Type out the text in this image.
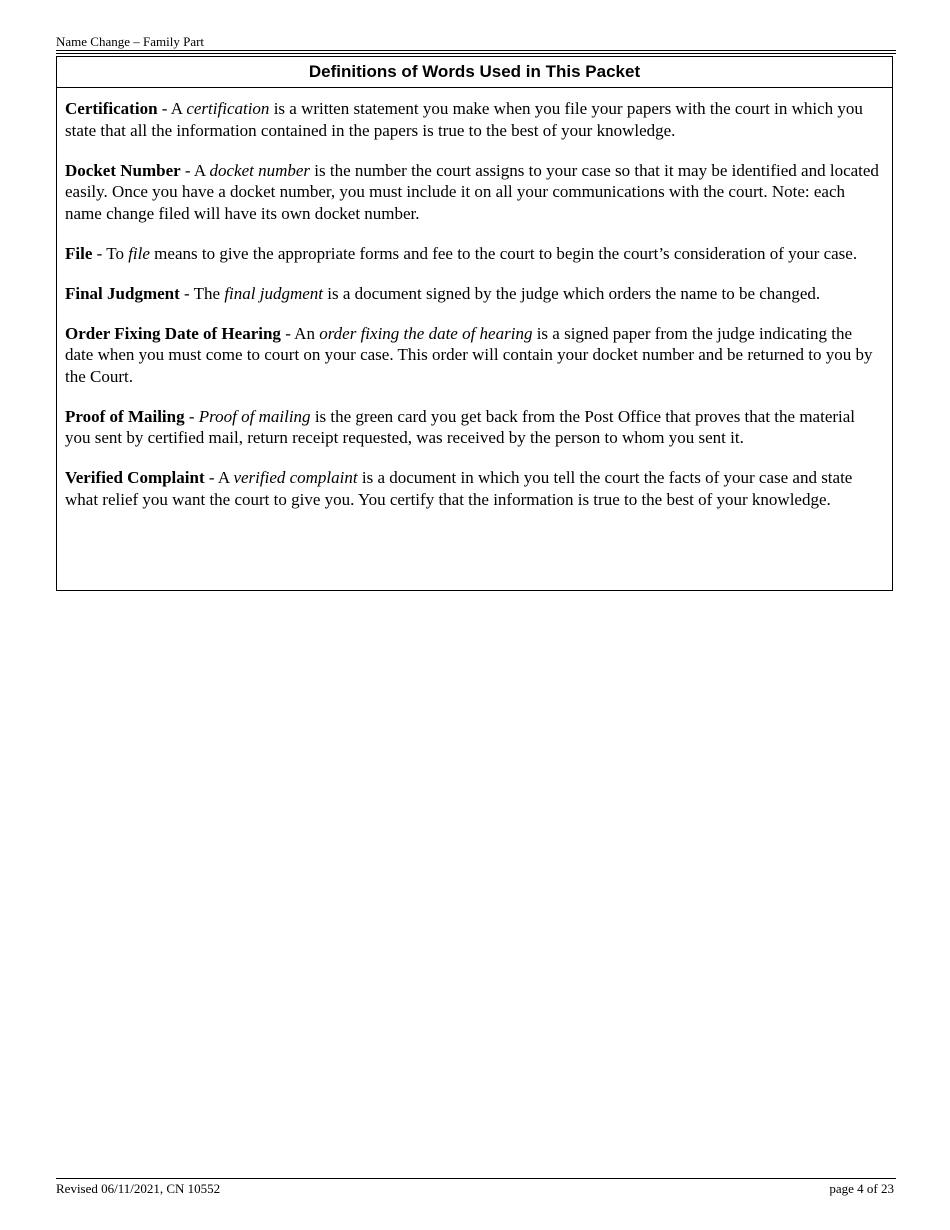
Name Change – Family Part
Definitions of Words Used in This Packet

Certification - A certification is a written statement you make when you file your papers with the court in which you state that all the information contained in the papers is true to the best of your knowledge.

Docket Number - A docket number is the number the court assigns to your case so that it may be identified and located easily. Once you have a docket number, you must include it on all your communications with the court. Note: each name change filed will have its own docket number.

File - To file means to give the appropriate forms and fee to the court to begin the court’s consideration of your case.

Final Judgment - The final judgment is a document signed by the judge which orders the name to be changed.

Order Fixing Date of Hearing - An order fixing the date of hearing is a signed paper from the judge indicating the date when you must come to court on your case. This order will contain your docket number and be returned to you by the Court.

Proof of Mailing - Proof of mailing is the green card you get back from the Post Office that proves that the material you sent by certified mail, return receipt requested, was received by the person to whom you sent it.

Verified Complaint - A verified complaint is a document in which you tell the court the facts of your case and state what relief you want the court to give you. You certify that the information is true to the best of your knowledge.

Revised 06/11/2021, CN 10552	page 4 of 23
